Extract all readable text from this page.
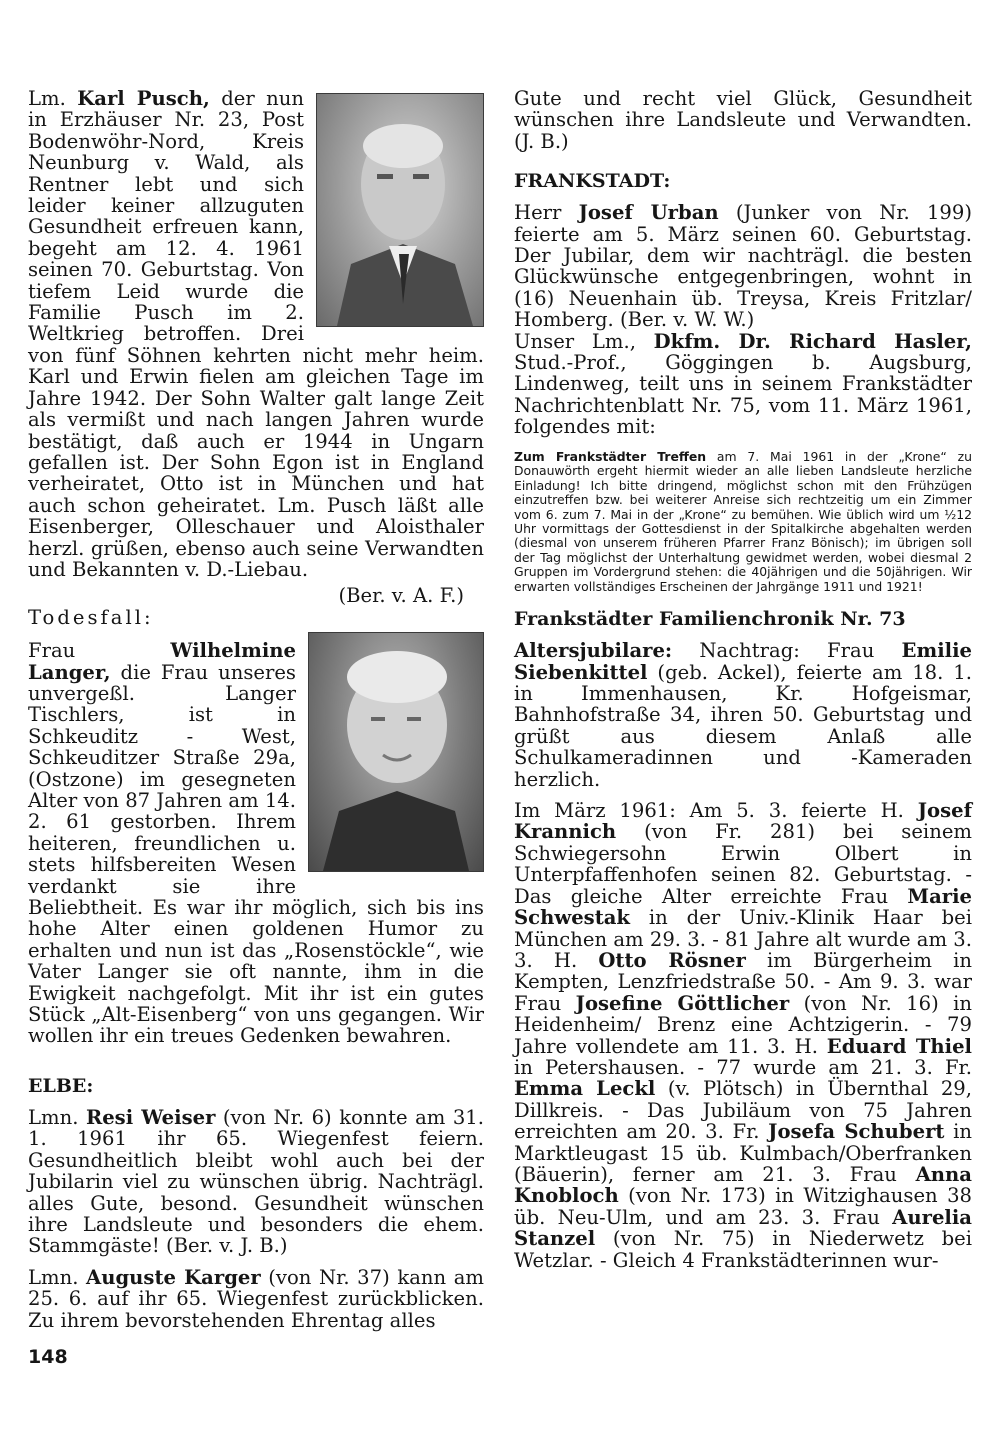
Lm. Karl Pusch, der nun in Erzhäuser Nr. 23, Post Bodenwöhr-Nord, Kreis Neunburg v. Wald, als Rentner lebt und sich leider keiner allzuguten Gesundheit erfreuen kann, begeht am 12. 4. 1961 seinen 70. Geburtstag. Von tiefem Leid wurde die Familie Pusch im 2. Weltkrieg betroffen. Drei von fünf Söhnen kehrten nicht mehr heim. Karl und Erwin fielen am gleichen Tage im Jahre 1942. Der Sohn Walter galt lange Zeit als vermißt und nach langen Jahren wurde bestätigt, daß auch er 1944 in Ungarn gefallen ist. Der Sohn Egon ist in England verheiratet, Otto ist in München und hat auch schon geheiratet. Lm. Pusch läßt alle Eisenberger, Olleschauer und Aloisthaler herzl. grüßen, ebenso auch seine Verwandten und Bekannten v. D.-Liebau.

(Ber. v. A. F.)

Todesfall:

Frau Wilhelmine Langer, die Frau unseres unvergeßl. Langer Tischlers, ist in Schkeuditz - West, Schkeuditzer Straße 29a, (Ostzone) im gesegneten Alter von 87 Jahren am 14. 2. 61 gestorben. Ihrem heiteren, freundlichen u. stets hilfsbereiten Wesen verdankt sie ihre Beliebtheit. Es war ihr möglich, sich bis ins hohe Alter einen goldenen Humor zu erhalten und nun ist das „Rosenstöckle“, wie Vater Langer sie oft nannte, ihm in die Ewigkeit nachgefolgt. Mit ihr ist ein gutes Stück „Alt-Eisenberg“ von uns gegangen. Wir wollen ihr ein treues Gedenken bewahren.

ELBE:

Lmn. Resi Weiser (von Nr. 6) konnte am 31. 1. 1961 ihr 65. Wiegenfest feiern. Gesundheitlich bleibt wohl auch bei der Jubilarin viel zu wünschen übrig. Nachträgl. alles Gute, besond. Gesundheit wünschen ihre Landsleute und besonders die ehem. Stammgäste! (Ber. v. J. B.)

Lmn. Auguste Karger (von Nr. 37) kann am 25. 6. auf ihr 65. Wiegenfest zurückblicken. Zu ihrem bevorstehenden Ehrentag alles

Gute und recht viel Glück, Gesundheit wünschen ihre Landsleute und Verwandten. (J. B.)

FRANKSTADT:

Herr Josef Urban (Junker von Nr. 199) feierte am 5. März seinen 60. Geburtstag. Der Jubilar, dem wir nachträgl. die besten Glückwünsche entgegenbringen, wohnt in (16) Neuenhain üb. Treysa, Kreis Fritzlar/ Homberg. (Ber. v. W. W.)

Unser Lm., Dkfm. Dr. Richard Hasler, Stud.-Prof., Göggingen b. Augsburg, Lindenweg, teilt uns in seinem Frankstädter Nachrichtenblatt Nr. 75, vom 11. März 1961, folgendes mit:

Zum Frankstädter Treffen am 7. Mai 1961 in der „Krone“ zu Donauwörth ergeht hiermit wieder an alle lieben Landsleute herzliche Einladung! Ich bitte dringend, möglichst schon mit den Frühzügen einzutreffen bzw. bei weiterer Anreise sich rechtzeitig um ein Zimmer vom 6. zum 7. Mai in der „Krone“ zu bemühen. Wie üblich wird um ½12 Uhr vormittags der Gottesdienst in der Spitalkirche abgehalten werden (diesmal von unserem früheren Pfarrer Franz Bönisch); im übrigen soll der Tag möglichst der Unterhaltung gewidmet werden, wobei diesmal 2 Gruppen im Vordergrund stehen: die 40jährigen und die 50jährigen. Wir erwarten vollständiges Erscheinen der Jahrgänge 1911 und 1921!

Frankstädter Familienchronik Nr. 73

Altersjubilare: Nachtrag: Frau Emilie Siebenkittel (geb. Ackel), feierte am 18. 1. in Immenhausen, Kr. Hofgeismar, Bahnhofstraße 34, ihren 50. Geburtstag und grüßt aus diesem Anlaß alle Schulkameradinnen und -Kameraden herzlich.

Im März 1961: Am 5. 3. feierte H. Josef Krannich (von Fr. 281) bei seinem Schwiegersohn Erwin Olbert in Unterpfaffenhofen seinen 82. Geburtstag. - Das gleiche Alter erreichte Frau Marie Schwestak in der Univ.-Klinik Haar bei München am 29. 3. - 81 Jahre alt wurde am 3. 3. H. Otto Rösner im Bürgerheim in Kempten, Lenzfriedstraße 50. - Am 9. 3. war Frau Josefine Göttlicher (von Nr. 16) in Heidenheim/ Brenz eine Achtzigerin. - 79 Jahre vollendete am 11. 3. H. Eduard Thiel in Petershausen. - 77 wurde am 21. 3. Fr. Emma Leckl (v. Plötsch) in Übernthal 29, Dillkreis. - Das Jubiläum von 75 Jahren erreichten am 20. 3. Fr. Josefa Schubert in Marktleugast 15 üb. Kulmbach/Oberfranken (Bäuerin), ferner am 21. 3. Frau Anna Knobloch (von Nr. 173) in Witzighausen 38 üb. Neu-Ulm, und am 23. 3. Frau Aurelia Stanzel (von Nr. 75) in Niederwetz bei Wetzlar. - Gleich 4 Frankstädterinnen wur-

148
